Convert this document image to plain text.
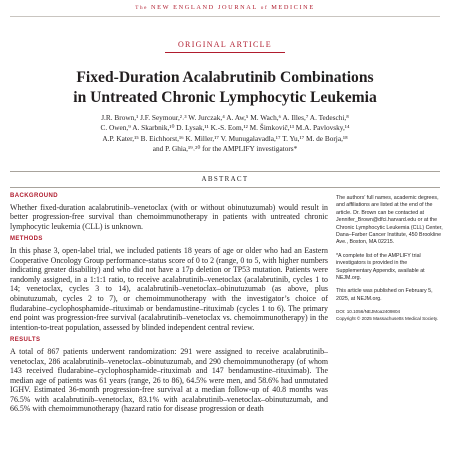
The NEW ENGLAND JOURNAL of MEDICINE
ORIGINAL ARTICLE
Fixed-Duration Acalabrutinib Combinations
in Untreated Chronic Lymphocytic Leukemia
J.R. Brown,¹ J.F. Seymour,²˒³ W. Jurczak,⁴ A. Aw,⁵ M. Wach,⁶ A. Illes,⁷ A. Tedeschi,⁸
C. Owen,⁹ A. Skarbnik,¹⁰ D. Lysak,¹¹ K.-S. Eom,¹² M. Šimkovič,¹³ M.A. Pavlovsky,¹⁴
A.P. Kater,¹⁵ B. Eichhorst,¹⁶ K. Miller,¹⁷ V. Munugalavadla,¹⁷ T. Yu,¹⁷ M. de Borja,¹⁸
and P. Ghia,¹⁹˒²⁰ for the AMPLIFY investigators*
ABSTRACT
BACKGROUND

Whether fixed-duration acalabrutinib–venetoclax (with or without obinutuzumab) would result in better progression-free survival than chemoimmunotherapy in patients with untreated chronic lymphocytic leukemia (CLL) is unknown.

METHODS

In this phase 3, open-label trial, we included patients 18 years of age or older who had an Eastern Cooperative Oncology Group performance-status score of 0 to 2 (range, 0 to 5, with higher numbers indicating greater disability) and who did not have a 17p deletion or TP53 mutation. Patients were randomly assigned, in a 1:1:1 ratio, to receive acalabrutinib–venetoclax (acalabrutinib, cycles 1 to 14; venetoclax, cycles 3 to 14), acalabrutinib–venetoclax–obinutuzumab (as above, plus obinutuzumab, cycles 2 to 7), or chemoimmunotherapy with the investigator’s choice of fludarabine–cyclophosphamide–rituximab or bendamustine–rituximab (cycles 1 to 6). The primary end point was progression-free survival (acalabrutinib–venetoclax vs. chemoimmunotherapy) in the intention-to-treat population, assessed by blinded independent central review.

RESULTS

A total of 867 patients underwent randomization: 291 were assigned to receive acalabrutinib–venetoclax, 286 acalabrutinib–venetoclax–obinutuzumab, and 290 chemoimmunotherapy (of whom 143 received fludarabine–cyclophosphamide–rituximab and 147 bendamustine–rituximab). The median age of patients was 61 years (range, 26 to 86), 64.5% were men, and 58.6% had unmutated IGHV. Estimated 36-month progression-free survival at a median follow-up of 40.8 months was 76.5% with acalabrutinib–venetoclax, 83.1% with acalabrutinib–venetoclax–obinutuzumab, and 66.5% with chemoimmunotherapy (hazard ratio for disease progression or death

The authors’ full names, academic degrees, and affiliations are listed at the end of the article. Dr. Brown can be contacted at Jennifer_Brown@dfci.harvard.edu or at the Chronic Lymphocytic Leukemia (CLL) Center, Dana–Farber Cancer Institute, 450 Brookline Ave., Boston, MA 02215.

*A complete list of the AMPLIFY trial investigators is provided in the Supplementary Appendix, available at NEJM.org.

This article was published on February 5, 2025, at NEJM.org.

DOI: 10.1056/NEJMoa2409804
Copyright © 2025 Massachusetts Medical Society.
